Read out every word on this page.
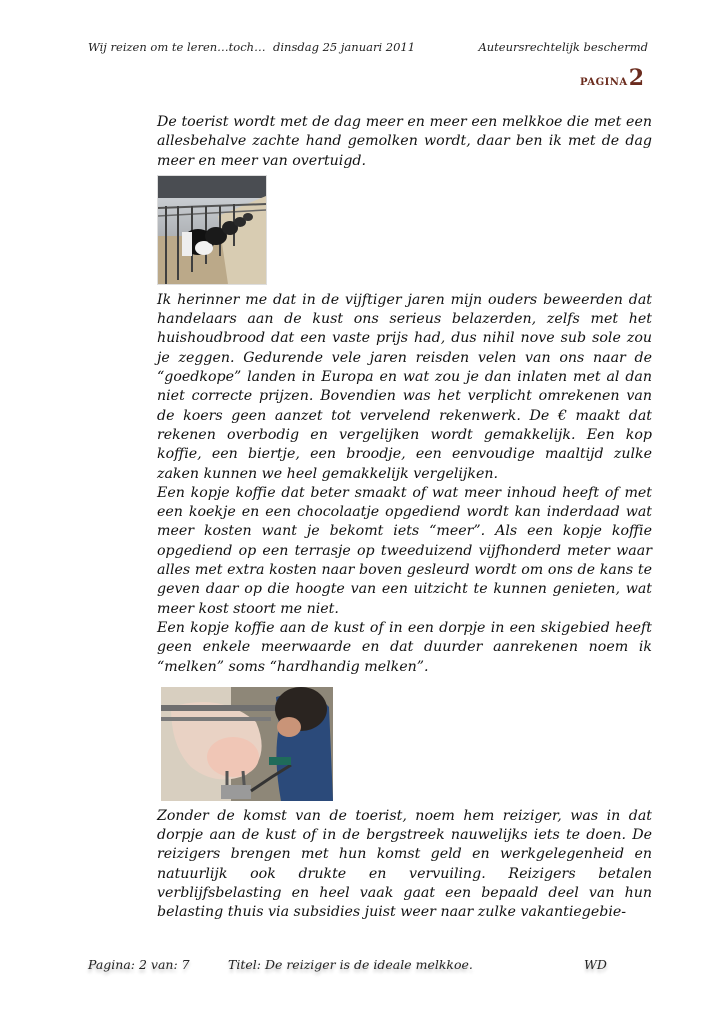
Wij reizen om te leren…toch… dinsdag 25 januari 2011	Auteursrechtelijk beschermd
PAGINA2

De toerist wordt met de dag meer en meer een melkkoe die met een allesbehalve zachte hand gemolken wordt, daar ben ik met de dag meer en meer van overtuigd.

Ik herinner me dat in de vijftiger jaren mijn ouders beweerden dat handelaars aan de kust ons serieus belazerden, zelfs met het huishoudbrood dat een vaste prijs had, dus nihil nove sub sole zou je zeggen. Gedurende vele jaren reisden velen van ons naar de “goedkope” landen in Europa en wat zou je dan inlaten met al dan niet correcte prijzen. Bovendien was het verplicht omrekenen van de koers geen aanzet tot vervelend rekenwerk. De € maakt dat rekenen overbodig en vergelijken wordt gemakkelijk. Een kop koffie, een biertje, een broodje, een eenvoudige maaltijd zulke zaken kunnen we heel gemakkelijk vergelijken.

Een kopje koffie dat beter smaakt of wat meer inhoud heeft of met een koekje en een chocolaatje opgediend wordt kan inderdaad wat meer kosten want je bekomt iets “meer”. Als een kopje koffie opgediend op een terrasje op tweeduizend vijfhonderd meter waar alles met extra kosten naar boven gesleurd wordt om ons de kans te geven daar op die hoogte van een uitzicht te kunnen genieten, wat meer kost stoort me niet.

Een kopje koffie aan de kust of in een dorpje in een skigebied heeft geen enkele meerwaarde en dat duurder aanrekenen noem ik “melken” soms “hardhandig melken”.

Zonder de komst van de toerist, noem hem reiziger, was in dat dorpje aan de kust of in de bergstreek nauwelijks iets te doen. De reizigers brengen met hun komst geld en werkgelegenheid en natuurlijk ook drukte en vervuiling. Reizigers betalen verblijfsbelasting en heel vaak gaat een bepaald deel van hun belasting thuis via subsidies juist weer naar zulke vakantiegebie-

Pagina: 2 van: 7	Titel: De reiziger is de ideale melkkoe.	WD
